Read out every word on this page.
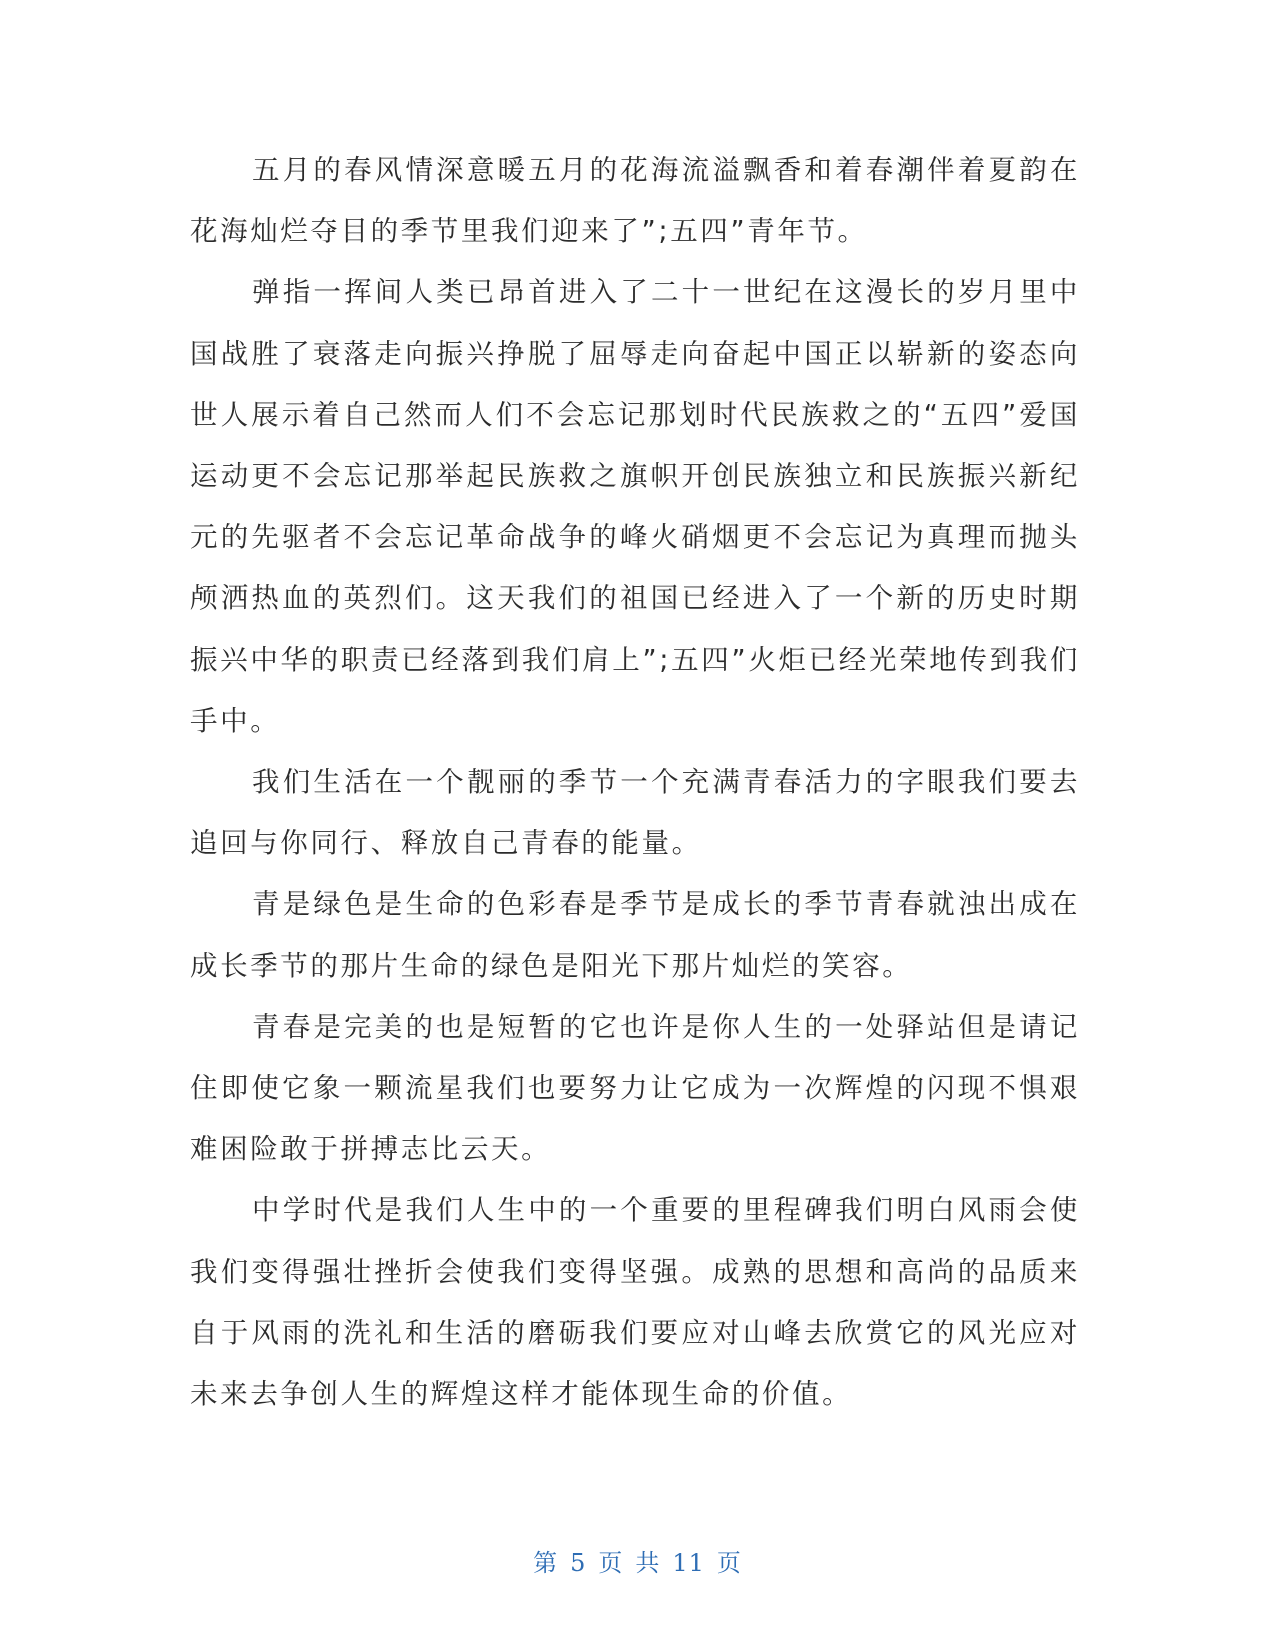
五月的春风情深意暖五月的花海流溢飘香和着春潮伴着夏韵在花海灿烂夺目的季节里我们迎来了”;五四”青年节。

弹指一挥间人类已昂首进入了二十一世纪在这漫长的岁月里中国战胜了衰落走向振兴挣脱了屈辱走向奋起中国正以崭新的姿态向世人展示着自己然而人们不会忘记那划时代民族救之的“五四”爱国运动更不会忘记那举起民族救之旗帜开创民族独立和民族振兴新纪元的先驱者不会忘记革命战争的峰火硝烟更不会忘记为真理而抛头颅洒热血的英烈们。这天我们的祖国已经进入了一个新的历史时期振兴中华的职责已经落到我们肩上”;五四”火炬已经光荣地传到我们手中。

我们生活在一个靓丽的季节一个充满青春活力的字眼我们要去追回与你同行、释放自己青春的能量。

青是绿色是生命的色彩春是季节是成长的季节青春就浊出成在成长季节的那片生命的绿色是阳光下那片灿烂的笑容。

青春是完美的也是短暂的它也许是你人生的一处驿站但是请记住即使它象一颗流星我们也要努力让它成为一次辉煌的闪现不惧艰难困险敢于拼搏志比云天。

中学时代是我们人生中的一个重要的里程碑我们明白风雨会使我们变得强壮挫折会使我们变得坚强。成熟的思想和高尚的品质来自于风雨的洗礼和生活的磨砺我们要应对山峰去欣赏它的风光应对未来去争创人生的辉煌这样才能体现生命的价值。

第 5 页 共 11 页
